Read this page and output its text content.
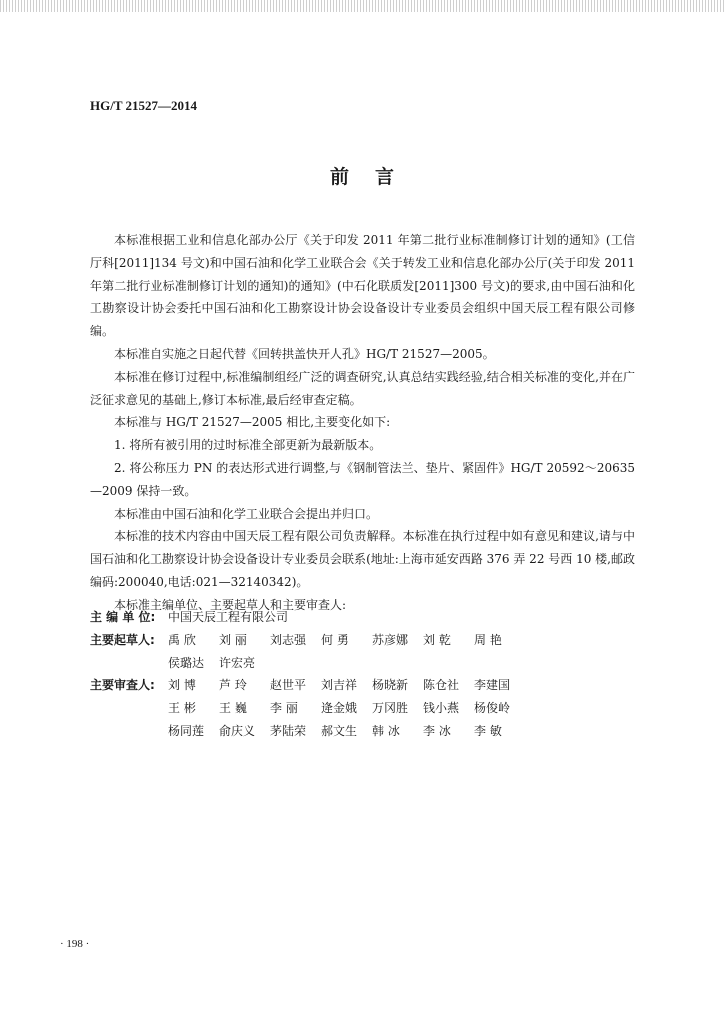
HG/T 21527—2014
前言

本标准根据工业和信息化部办公厅《关于印发 2011 年第二批行业标准制修订计划的通知》(工信厅科[2011]134 号文)和中国石油和化学工业联合会《关于转发工业和信息化部办公厅(关于印发 2011 年第二批行业标准制修订计划的通知)的通知》(中石化联质发[2011]300 号文)的要求,由中国石油和化工勘察设计协会委托中国石油和化工勘察设计协会设备设计专业委员会组织中国天辰工程有限公司修编。

本标准自实施之日起代替《回转拱盖快开人孔》HG/T 21527—2005。

本标准在修订过程中,标准编制组经广泛的调查研究,认真总结实践经验,结合相关标准的变化,并在广泛征求意见的基础上,修订本标准,最后经审查定稿。

本标准与 HG/T 21527—2005 相比,主要变化如下:

1. 将所有被引用的过时标准全部更新为最新版本。

2. 将公称压力 PN 的表达形式进行调整,与《钢制管法兰、垫片、紧固件》HG/T 20592～20635—2009 保持一致。

本标准由中国石油和化学工业联合会提出并归口。

本标准的技术内容由中国天辰工程有限公司负责解释。本标准在执行过程中如有意见和建议,请与中国石油和化工勘察设计协会设备设计专业委员会联系(地址:上海市延安西路 376 弄 22 号西 10 楼,邮政编码:200040,电话:021—32140342)。

本标准主编单位、主要起草人和主要审查人:

主 编 单 位:	中国天辰工程有限公司
主要起草人:	禹 欣	刘 丽	刘志强	何 勇	苏彦娜	刘 乾	周 艳
侯璐达	许宏亮
主要审查人:	刘 博	芦 玲	赵世平	刘吉祥	杨晓新	陈仓社	李建国
王 彬	王 巍	李 丽	逄金娥	万冈胜	钱小燕	杨俊岭
杨同莲	俞庆义	茅陆荣	郝文生	韩 冰	李 冰	李 敏
· 198 ·
